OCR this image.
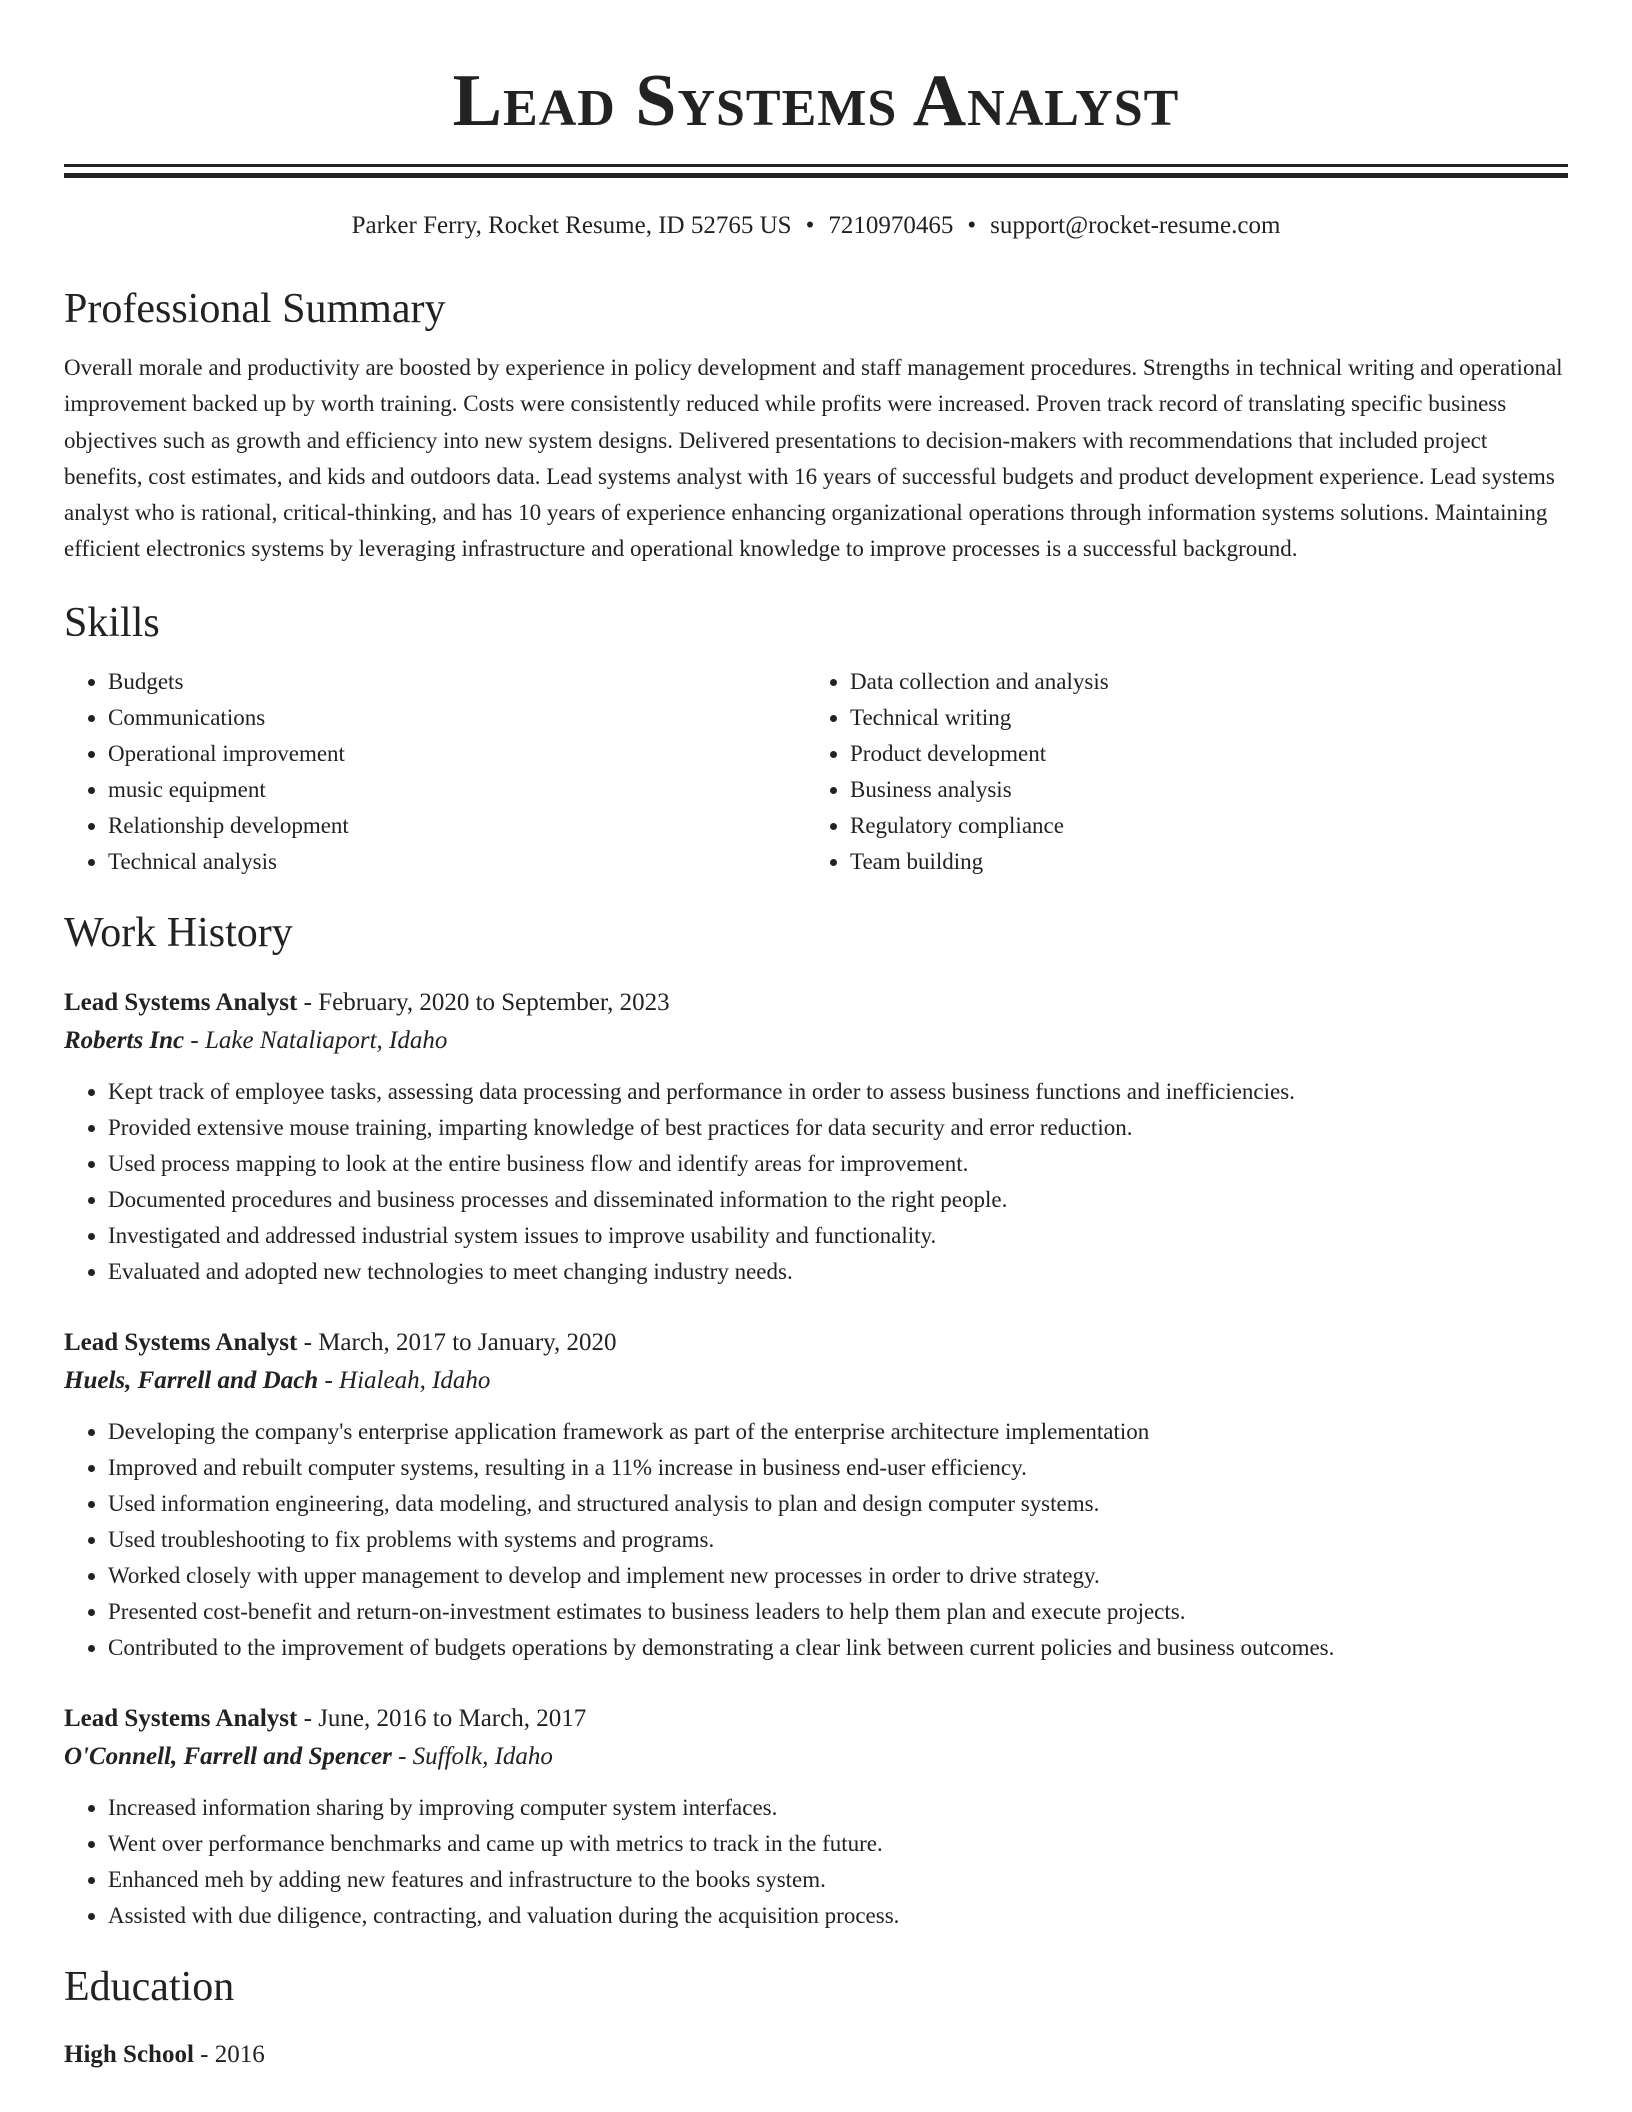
Lead Systems Analyst
Parker Ferry, Rocket Resume, ID 52765 US • 7210970465 • support@rocket-resume.com
Professional Summary
Overall morale and productivity are boosted by experience in policy development and staff management procedures. Strengths in technical writing and operational improvement backed up by worth training. Costs were consistently reduced while profits were increased. Proven track record of translating specific business objectives such as growth and efficiency into new system designs. Delivered presentations to decision-makers with recommendations that included project benefits, cost estimates, and kids and outdoors data. Lead systems analyst with 16 years of successful budgets and product development experience. Lead systems analyst who is rational, critical-thinking, and has 10 years of experience enhancing organizational operations through information systems solutions. Maintaining efficient electronics systems by leveraging infrastructure and operational knowledge to improve processes is a successful background.
Skills
• Budgets
• Communications
• Operational improvement
• music equipment
• Relationship development
• Technical analysis
• Data collection and analysis
• Technical writing
• Product development
• Business analysis
• Regulatory compliance
• Team building
Work History
Lead Systems Analyst - February, 2020 to September, 2023
Roberts Inc - Lake Nataliaport, Idaho
• Kept track of employee tasks, assessing data processing and performance in order to assess business functions and inefficiencies.
• Provided extensive mouse training, imparting knowledge of best practices for data security and error reduction.
• Used process mapping to look at the entire business flow and identify areas for improvement.
• Documented procedures and business processes and disseminated information to the right people.
• Investigated and addressed industrial system issues to improve usability and functionality.
• Evaluated and adopted new technologies to meet changing industry needs.
Lead Systems Analyst - March, 2017 to January, 2020
Huels, Farrell and Dach - Hialeah, Idaho
• Developing the company's enterprise application framework as part of the enterprise architecture implementation
• Improved and rebuilt computer systems, resulting in a 11% increase in business end-user efficiency.
• Used information engineering, data modeling, and structured analysis to plan and design computer systems.
• Used troubleshooting to fix problems with systems and programs.
• Worked closely with upper management to develop and implement new processes in order to drive strategy.
• Presented cost-benefit and return-on-investment estimates to business leaders to help them plan and execute projects.
• Contributed to the improvement of budgets operations by demonstrating a clear link between current policies and business outcomes.
Lead Systems Analyst - June, 2016 to March, 2017
O'Connell, Farrell and Spencer - Suffolk, Idaho
• Increased information sharing by improving computer system interfaces.
• Went over performance benchmarks and came up with metrics to track in the future.
• Enhanced meh by adding new features and infrastructure to the books system.
• Assisted with due diligence, contracting, and valuation during the acquisition process.
Education
High School - 2016
